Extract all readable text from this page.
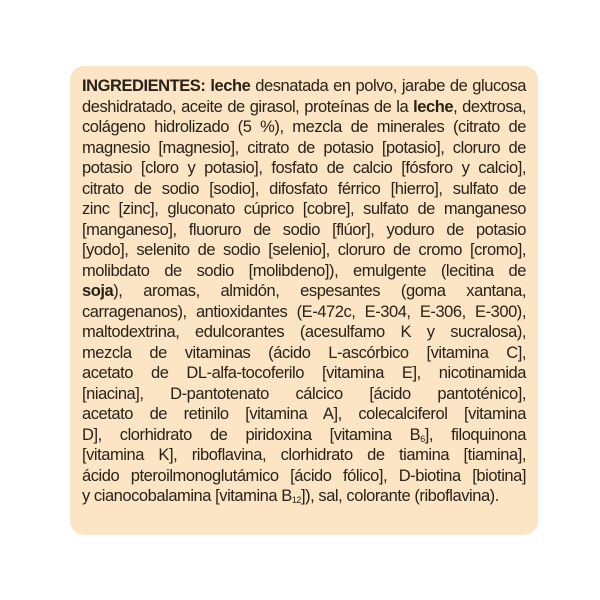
INGREDIENTES: leche desnatada en polvo, jarabe de glucosa
deshidratado, aceite de girasol, proteínas de la leche, dextrosa,
colágeno hidrolizado (5 %), mezcla de minerales (citrato de
magnesio [magnesio], citrato de potasio [potasio], cloruro de
potasio [cloro y potasio], fosfato de calcio [fósforo y calcio],
citrato de sodio [sodio], difosfato férrico [hierro], sulfato de
zinc [zinc], gluconato cúprico [cobre], sulfato de manganeso
[manganeso], fluoruro de sodio [flúor], yoduro de potasio
[yodo], selenito de sodio [selenio], cloruro de cromo [cromo],
molibdato de sodio [molibdeno]), emulgente (lecitina de
soja), aromas, almidón, espesantes (goma xantana,
carragenanos), antioxidantes (E-472c, E-304, E-306, E-300),
maltodextrina, edulcorantes (acesulfamo K y sucralosa),
mezcla de vitaminas (ácido L-ascórbico [vitamina C],
acetato de DL-alfa-tocoferilo [vitamina E], nicotinamida
[niacina], D-pantotenato cálcico [ácido pantoténico],
acetato de retinilo [vitamina A], colecalciferol [vitamina
D], clorhidrato de piridoxina [vitamina $B_6$], filoquinona
[vitamina K], riboflavina, clorhidrato de tiamina [tiamina],
ácido pteroilmonoglutámico [ácido fólico], D-biotina [biotina]
y cianocobalamina [vitamina $B_{12}$]), sal, colorante (riboflavina).
